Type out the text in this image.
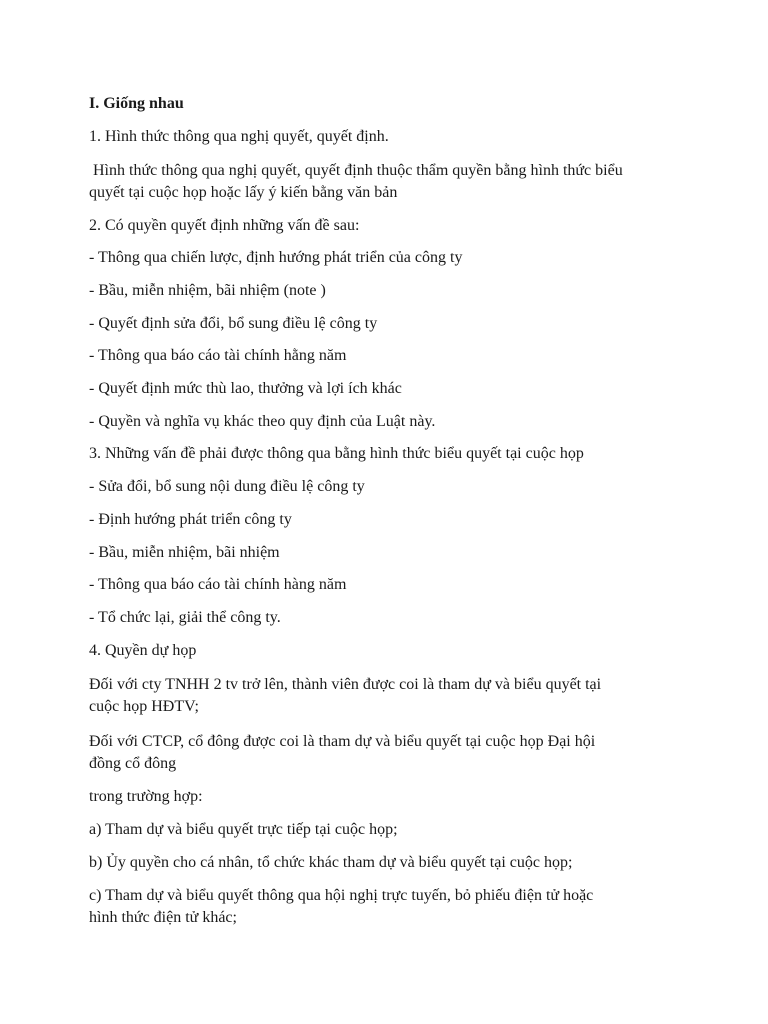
I. Giống nhau

1. Hình thức thông qua nghị quyết, quyết định.

Hình thức thông qua nghị quyết, quyết định thuộc thẩm quyền bằng hình thức biểu

quyết tại cuộc họp hoặc lấy ý kiến bằng văn bản

2. Có quyền quyết định những vấn đề sau:

- Thông qua chiến lược, định hướng phát triển của công ty

- Bầu, miễn nhiệm, bãi nhiệm (note )

- Quyết định sửa đổi, bổ sung điều lệ công ty

- Thông qua báo cáo tài chính hằng năm

- Quyết định mức thù lao, thưởng và lợi ích khác

- Quyền và nghĩa vụ khác theo quy định của Luật này.

3. Những vấn đề phải được thông qua bằng hình thức biểu quyết tại cuộc họp

- Sửa đổi, bổ sung nội dung điều lệ công ty

- Định hướng phát triển công ty

- Bầu, miễn nhiệm, bãi nhiệm

- Thông qua báo cáo tài chính hàng năm

- Tổ chức lại, giải thể công ty.

4. Quyền dự họp

Đối với cty TNHH 2 tv trở lên, thành viên được coi là tham dự và biểu quyết tại

cuộc họp HĐTV;

Đối với CTCP, cổ đông được coi là tham dự và biểu quyết tại cuộc họp Đại hội

đồng cổ đông

trong trường hợp:

a) Tham dự và biểu quyết trực tiếp tại cuộc họp;

b) Ủy quyền cho cá nhân, tổ chức khác tham dự và biểu quyết tại cuộc họp;

c) Tham dự và biểu quyết thông qua hội nghị trực tuyến, bỏ phiếu điện tử hoặc

hình thức điện tử khác;
